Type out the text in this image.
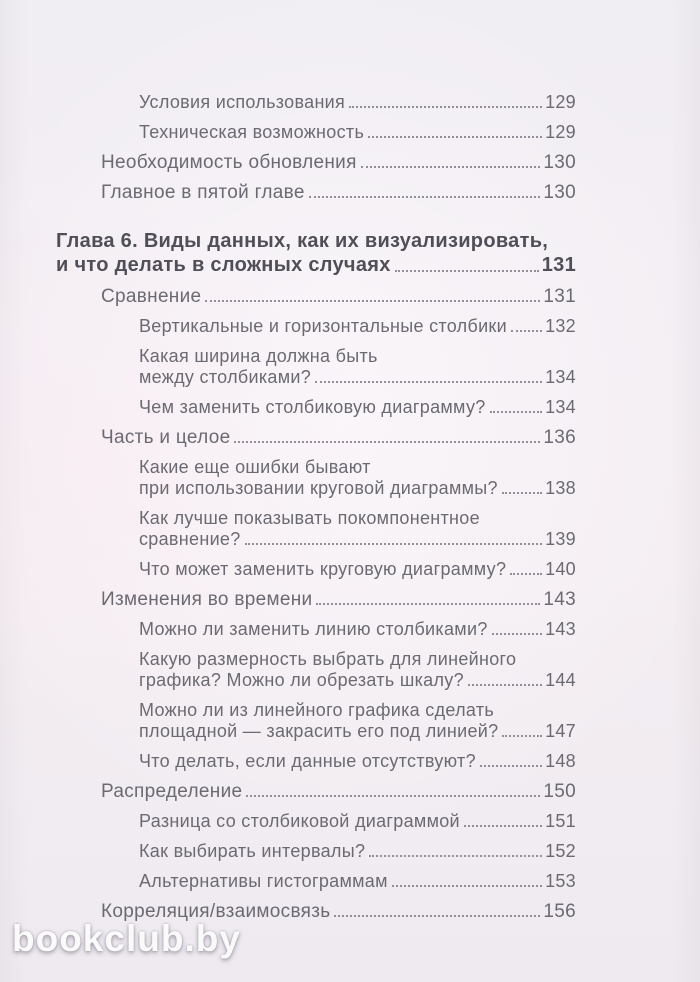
Условия использования	129
Техническая возможность	129
Необходимость обновления	130
Главное в пятой главе	130
Глава 6. Виды данных, как их визуализировать,
и что делать в сложных случаях	131
Сравнение	131
Вертикальные и горизонтальные столбики 132
Какая ширина должна быть
между столбиками?	134
Чем заменить столбиковую диаграмму?	134
Часть и целое	136
Какие еще ошибки бывают
при использовании круговой диаграммы?	138
Как лучше показывать покомпонентное
сравнение?	139
Что может заменить круговую диаграмму? 140
Изменения во времени	143
Можно ли заменить линию столбиками?	143
Какую размерность выбрать для линейного
графика? Можно ли обрезать шкалу?	144
Можно ли из линейного графика сделать
площадной — закрасить его под линией?	147
Что делать, если данные отсутствуют?	148
Распределение	150
Разница со столбиковой диаграммой	151
Как выбирать интервалы?	152
Альтернативы гистограммам	153
Корреляция/взаимосвязь	156
bookclub.by
